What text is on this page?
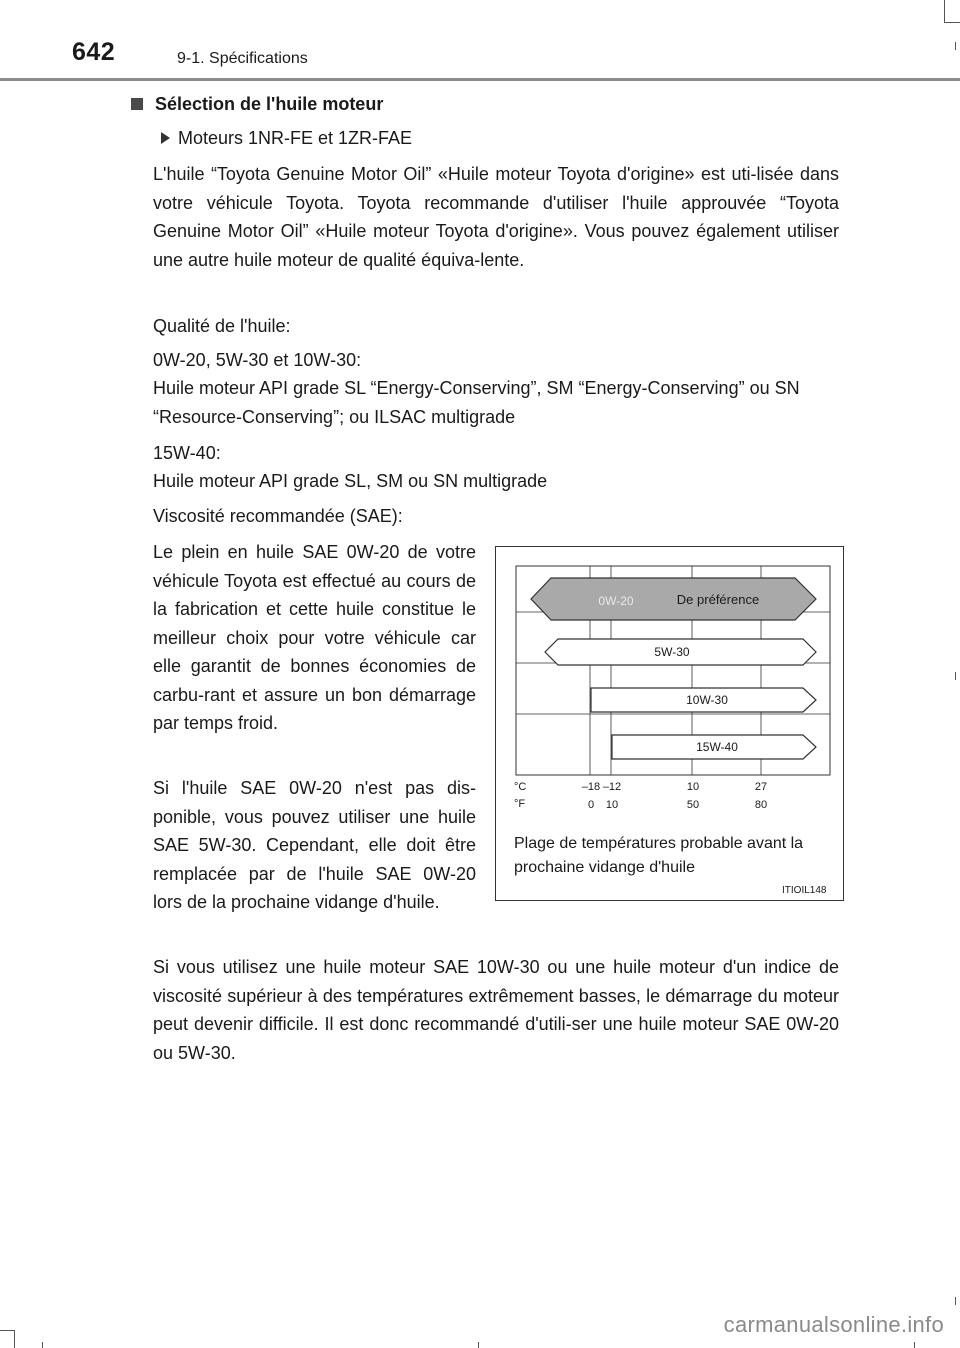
642	9-1. Spécifications
Sélection de l'huile moteur
Moteurs 1NR-FE et 1ZR-FAE
L'huile “Toyota Genuine Motor Oil” «Huile moteur Toyota d'origine» est uti-lisée dans votre véhicule Toyota. Toyota recommande d'utiliser l'huile approuvée “Toyota Genuine Motor Oil” «Huile moteur Toyota d'origine». Vous pouvez également utiliser une autre huile moteur de qualité équiva-lente.
Qualité de l'huile:
0W-20, 5W-30 et 10W-30:
Huile moteur API grade SL “Energy-Conserving”, SM “Energy-Conserving” ou SN “Resource-Conserving”; ou ILSAC multigrade
15W-40:
Huile moteur API grade SL, SM ou SN multigrade
Viscosité recommandée (SAE):
Le plein en huile SAE 0W-20 de votre véhicule Toyota est effectué au cours de la fabrication et cette huile constitue le meilleur choix pour votre véhicule car elle garantit de bonnes économies de carbu-rant et assure un bon démarrage par temps froid.
Si l'huile SAE 0W-20 n'est pas dis-ponible, vous pouvez utiliser une huile SAE 5W-30. Cependant, elle doit être remplacée par de l'huile SAE 0W-20 lors de la prochaine vidange d'huile.
Si vous utilisez une huile moteur SAE 10W-30 ou une huile moteur d'un indice de viscosité supérieur à des températures extrêmement basses, le démarrage du moteur peut devenir difficile. Il est donc recommandé d'utili-ser une huile moteur SAE 0W-20 ou 5W-30.
0W-20	De préférence
5W-30
10W-30
15W-40
°C
°F
–18 –12	10	27
0 10	50	80
Plage de températures probable avant la prochaine vidange d'huile
ITIOIL148
carmanualsonline.info
